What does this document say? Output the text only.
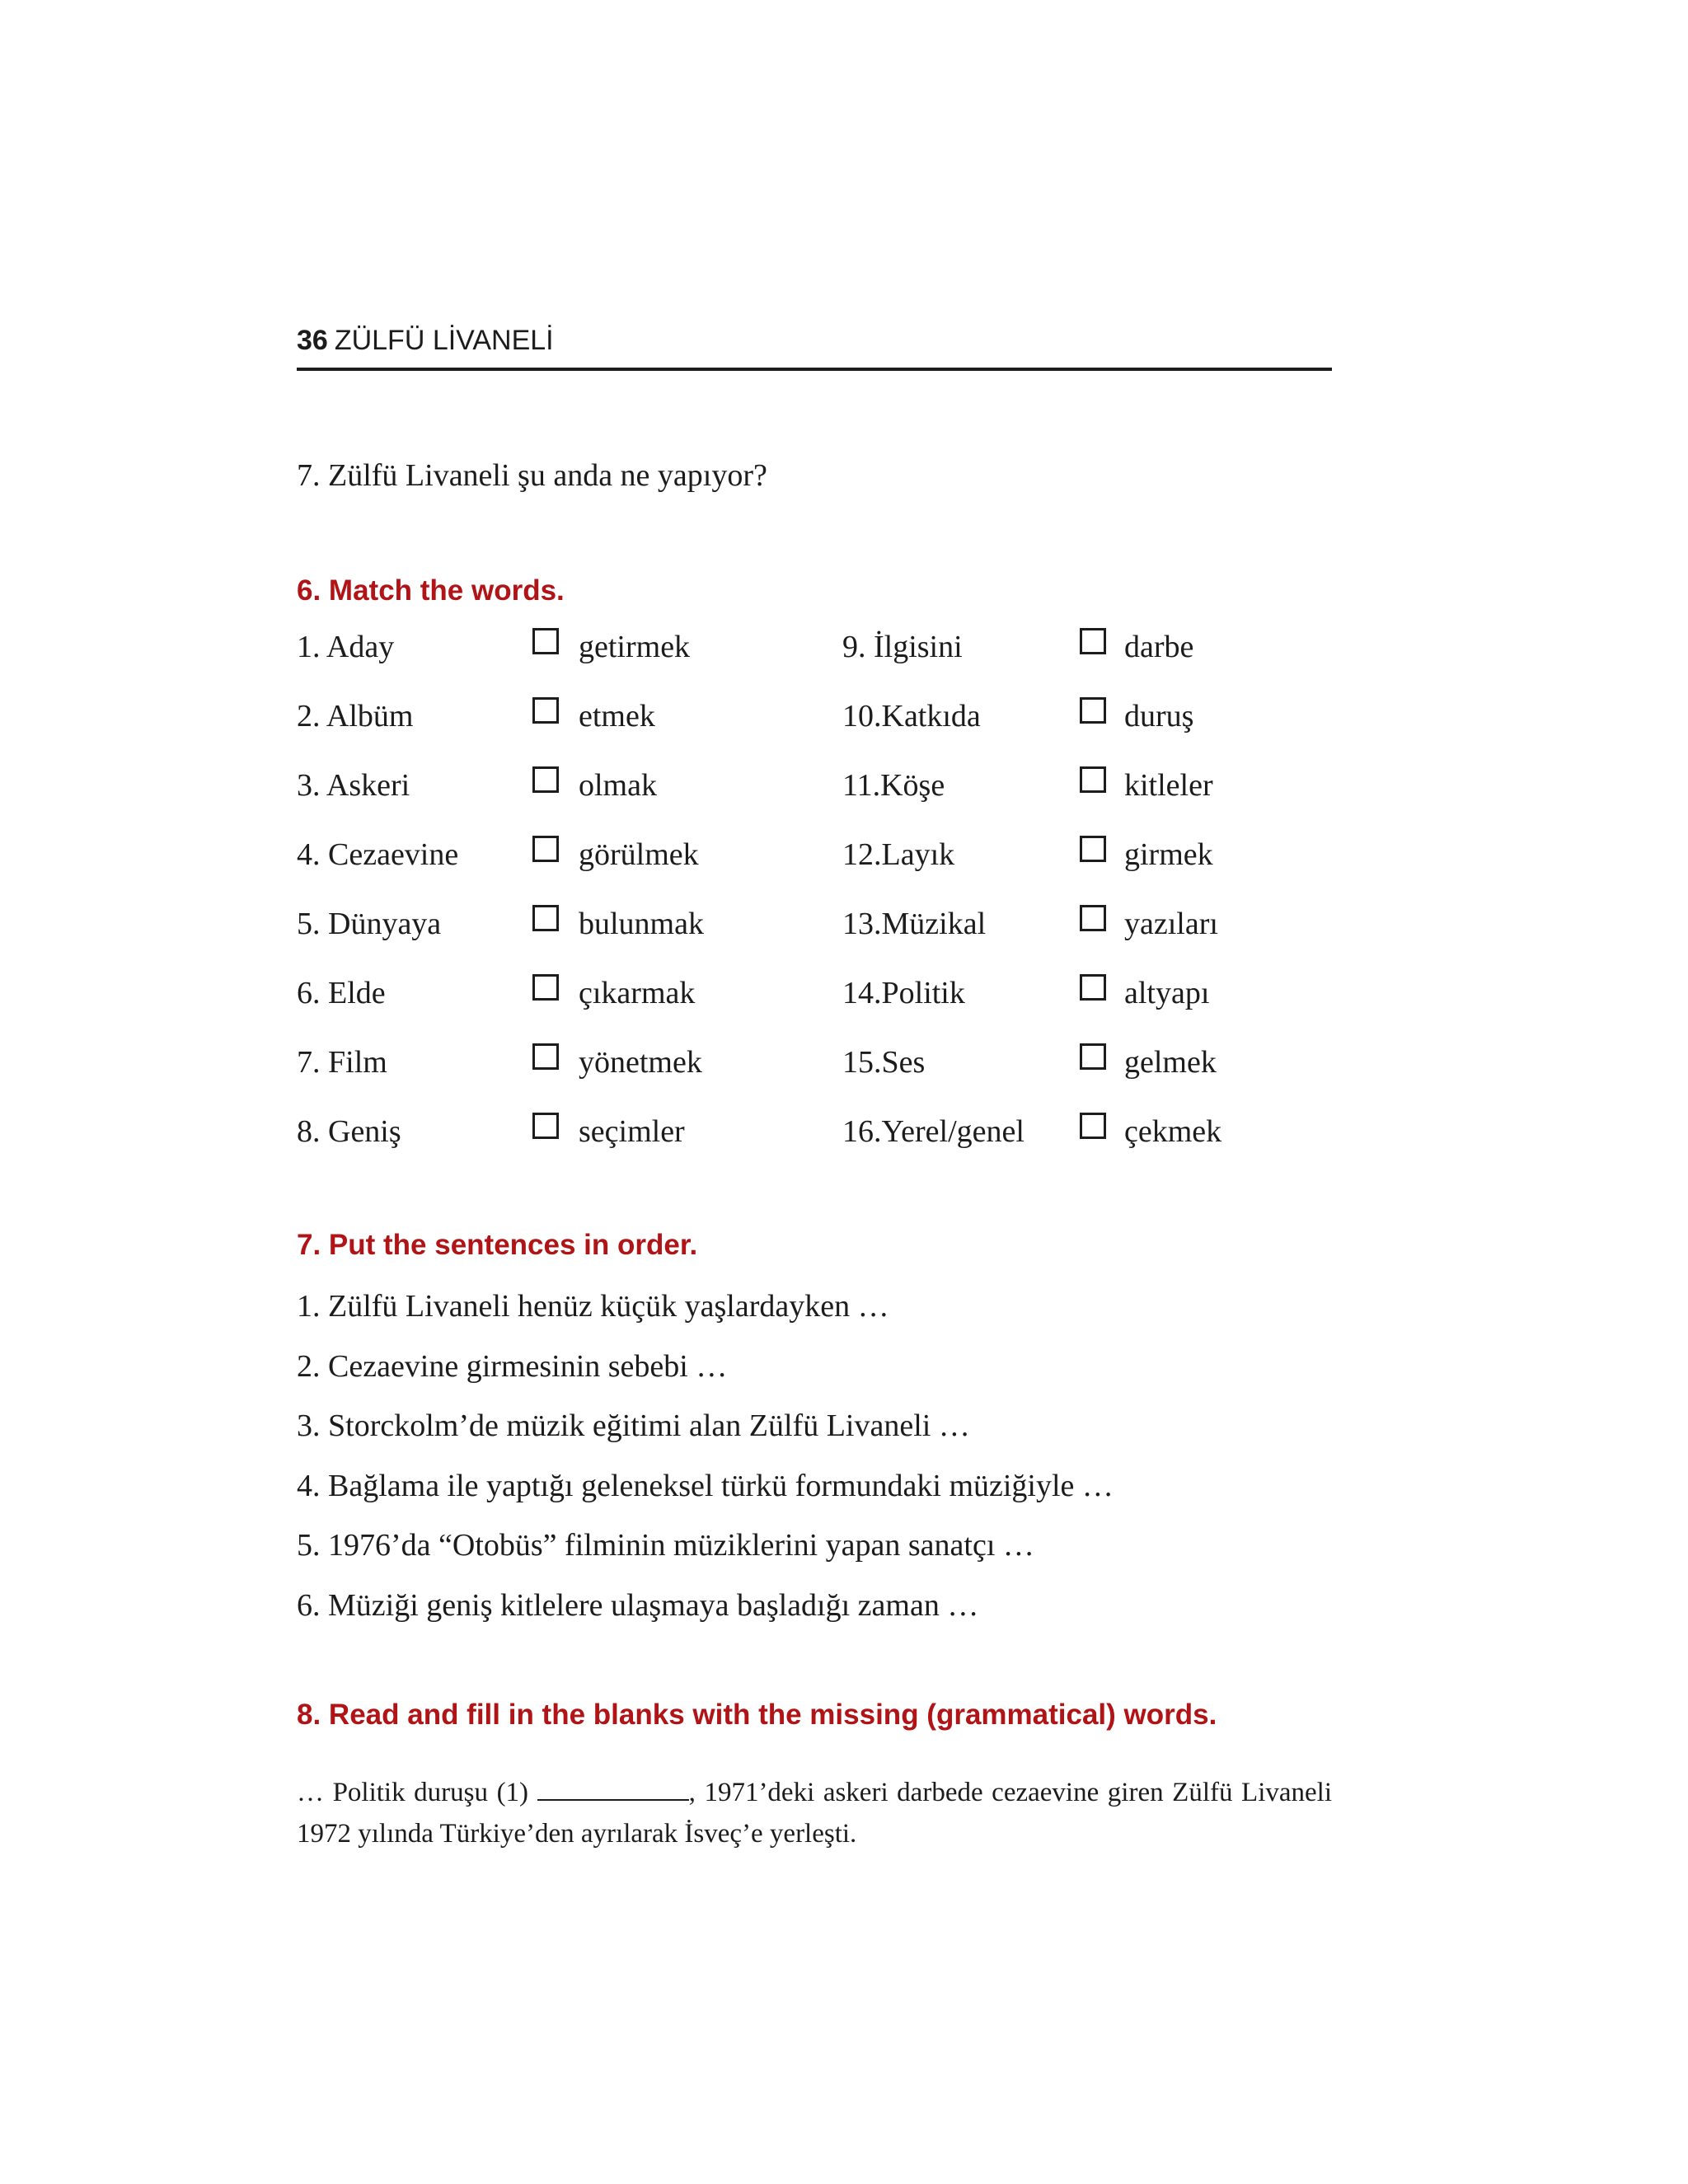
36 ZÜLFÜ LİVANELİ
7. Zülfü Livaneli şu anda ne yapıyor?
6. Match the words.
1. Aday	getirmek	9. İlgisini	darbe
2. Albüm	etmek	10.Katkıda	duruş
3. Askeri	olmak	11.Köşe	kitleler
4. Cezaevine	görülmek	12.Layık	girmek
5. Dünyaya	bulunmak	13.Müzikal	yazıları
6. Elde	çıkarmak	14.Politik	altyapı
7. Film	yönetmek	15.Ses	gelmek
8. Geniş	seçimler	16.Yerel/genel	çekmek
7. Put the sentences in order.
1. Zülfü Livaneli henüz küçük yaşlardayken …
2. Cezaevine girmesinin sebebi …
3. Storckolm’de müzik eğitimi alan Zülfü Livaneli …
4. Bağlama ile yaptığı geleneksel türkü formundaki müziğiyle …
5. 1976’da “Otobüs” filminin müziklerini yapan sanatçı …
6. Müziği geniş kitlelere ulaşmaya başladığı zaman …
8. Read and fill in the blanks with the missing (grammatical) words.
… Politik duruşu (1)	, 1971’deki askeri darbede cezaevine giren Zülfü Livaneli 1972 yılında Türkiye’den ayrılarak İsveç’e yerleşti.
